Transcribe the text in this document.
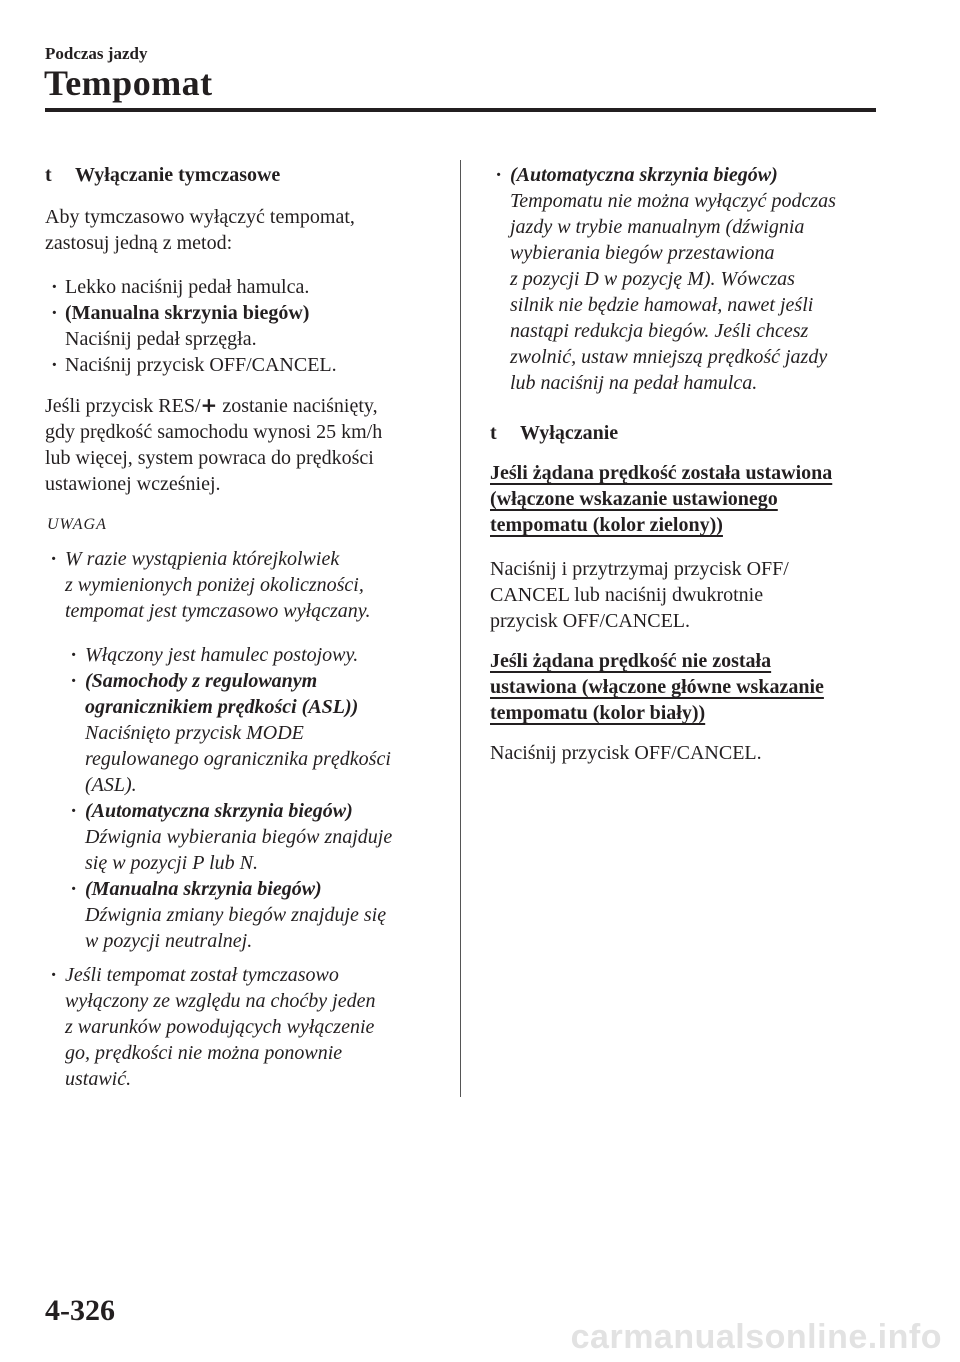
Podczas jazdy
Tempomat
t Wyłączanie tymczasowe

Aby tymczasowo wyłączyć tempomat,

zastosuj jedną z metod:

· Lekko naciśnij pedał hamulca.

· (Manualna skrzynia biegów)

Naciśnij pedał sprzęgła.

· Naciśnij przycisk OFF/CANCEL.

Jeśli przycisk RES/+ zostanie naciśnięty,

gdy prędkość samochodu wynosi 25 km/h

lub więcej, system powraca do prędkości

ustawionej wcześniej.

UWAGA

· W razie wystąpienia którejkolwiek

z wymienionych poniżej okoliczności,

tempomat jest tymczasowo wyłączany.

· Włączony jest hamulec postojowy.

· (Samochody z regulowanym

ogranicznikiem prędkości (ASL))

Naciśnięto przycisk MODE

regulowanego ogranicznika prędkości

(ASL).

· (Automatyczna skrzynia biegów)

Dźwignia wybierania biegów znajduje

się w pozycji P lub N.

· (Manualna skrzynia biegów)

Dźwignia zmiany biegów znajduje się

w pozycji neutralnej.

· Jeśli tempomat został tymczasowo

wyłączony ze względu na choćby jeden

z warunków powodujących wyłączenie

go, prędkości nie można ponownie

ustawić.

· (Automatyczna skrzynia biegów)

Tempomatu nie można wyłączyć podczas

jazdy w trybie manualnym (dźwignia

wybierania biegów przestawiona

z pozycji D w pozycję M). Wówczas

silnik nie będzie hamował, nawet jeśli

nastąpi redukcja biegów. Jeśli chcesz

zwolnić, ustaw mniejszą prędkość jazdy

lub naciśnij na pedał hamulca.

t Wyłączanie

Jeśli żądana prędkość została ustawiona

(włączone wskazanie ustawionego

tempomatu (kolor zielony))

Naciśnij i przytrzymaj przycisk OFF/

CANCEL lub naciśnij dwukrotnie

przycisk OFF/CANCEL.

Jeśli żądana prędkość nie została

ustawiona (włączone główne wskazanie

tempomatu (kolor biały))

Naciśnij przycisk OFF/CANCEL.

4-326
carmanualsonline.info
